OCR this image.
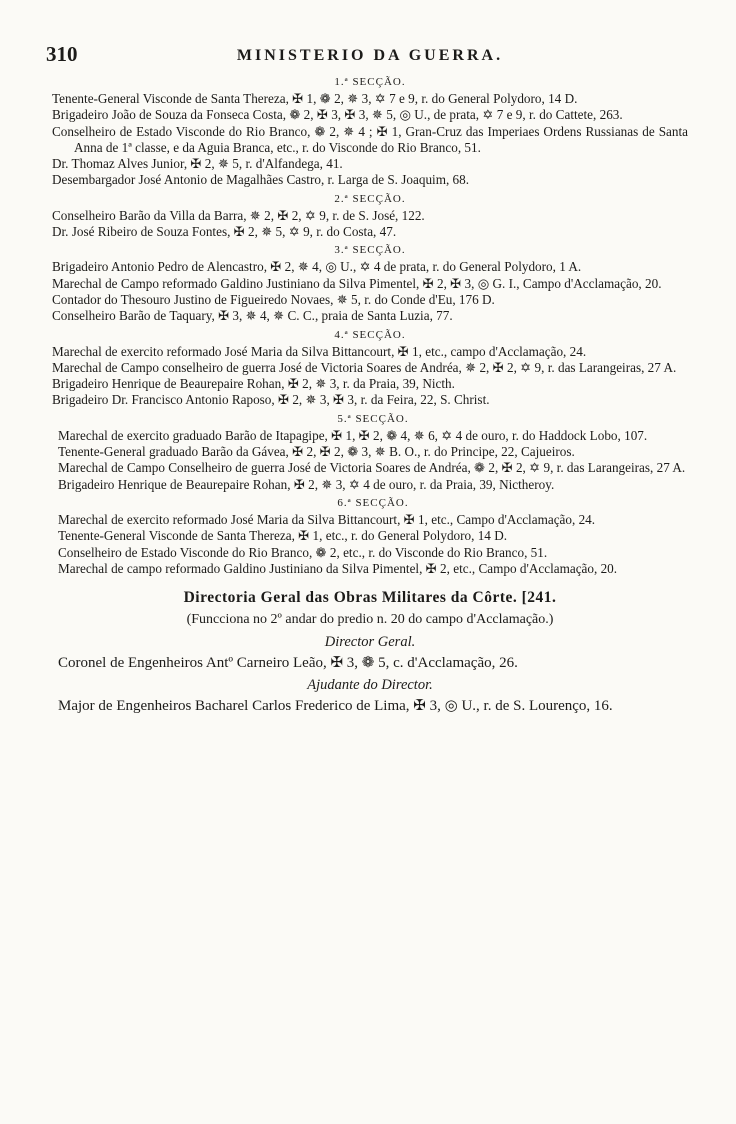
310	MINISTERIO DA GUERRA.
1.ª SECÇÃO.
Tenente-General Visconde de Santa Thereza, ✠ 1, ❁ 2, ✵ 3, ✡ 7 e 9, r. do General Polydoro, 14 D.
Brigadeiro João de Souza da Fonseca Costa, ❁ 2, ✠ 3, ✠ 3, ✵ 5, ◎ U., de prata, ✡ 7 e 9, r. do Cattete, 263.
Conselheiro de Estado Visconde do Rio Branco, ❁ 2, ✵ 4 ; ✠ 1, Gran-Cruz das Imperiaes Ordens Russianas de Santa Anna de 1ª classe, e da Aguia Branca, etc., r. do Visconde do Rio Branco, 51.
Dr. Thomaz Alves Junior, ✠ 2, ✵ 5, r. d'Alfandega, 41.
Desembargador José Antonio de Magalhães Castro, r. Larga de S. Joaquim, 68.
2.ª SECÇÃO.
Conselheiro Barão da Villa da Barra, ✵ 2, ✠ 2, ✡ 9, r. de S. José, 122.
Dr. José Ribeiro de Souza Fontes, ✠ 2, ✵ 5, ✡ 9, r. do Costa, 47.
3.ª SECÇÃO.
Brigadeiro Antonio Pedro de Alencastro, ✠ 2, ✵ 4, ◎ U., ✡ 4 de prata, r. do General Polydoro, 1 A.
Marechal de Campo reformado Galdino Justiniano da Silva Pimentel, ✠ 2, ✠ 3, ◎ G. I., Campo d'Acclamação, 20.
Contador do Thesouro Justino de Figueiredo Novaes, ✵ 5, r. do Conde d'Eu, 176 D.
Conselheiro Barão de Taquary, ✠ 3, ✵ 4, ✵ C. C., praia de Santa Luzia, 77.
4.ª SECÇÃO.
Marechal de exercito reformado José Maria da Silva Bittancourt, ✠ 1, etc., campo d'Acclamação, 24.
Marechal de Campo conselheiro de guerra José de Victoria Soares de Andréa, ✵ 2, ✠ 2, ✡ 9, r. das Larangeiras, 27 A.
Brigadeiro Henrique de Beaurepaire Rohan, ✠ 2, ✵ 3, r. da Praia, 39, Nicth.
Brigadeiro Dr. Francisco Antonio Raposo, ✠ 2, ✵ 3, ✠ 3, r. da Feira, 22, S. Christ.
5.ª SECÇÃO.
Marechal de exercito graduado Barão de Itapagipe, ✠ 1, ✠ 2, ❁ 4, ✵ 6, ✡ 4 de ouro, r. do Haddock Lobo, 107.
Tenente-General graduado Barão da Gávea, ✠ 2, ✠ 2, ❁ 3, ✵ B. O., r. do Principe, 22, Cajueiros.
Marechal de Campo Conselheiro de guerra José de Victoria Soares de Andréa, ❁ 2, ✠ 2, ✡ 9, r. das Larangeiras, 27 A.
Brigadeiro Henrique de Beaurepaire Rohan, ✠ 2, ✵ 3, ✡ 4 de ouro, r. da Praia, 39, Nictheroy.
6.ª SECÇÃO.
Marechal de exercito reformado José Maria da Silva Bittancourt, ✠ 1, etc., Campo d'Acclamação, 24.
Tenente-General Visconde de Santa Thereza, ✠ 1, etc., r. do General Polydoro, 14 D.
Conselheiro de Estado Visconde do Rio Branco, ❁ 2, etc., r. do Visconde do Rio Branco, 51.
Marechal de campo reformado Galdino Justiniano da Silva Pimentel, ✠ 2, etc., Campo d'Acclamação, 20.
Directoria Geral das Obras Militares da Côrte. [241.
(Funcciona no 2º andar do predio n. 20 do campo d'Acclamação.)
Director Geral.
Coronel de Engenheiros Antº Carneiro Leão, ✠ 3, ❁ 5, c. d'Acclamação, 26.
Ajudante do Director.
Major de Engenheiros Bacharel Carlos Frederico de Lima, ✠ 3, ◎ U., r. de S. Lourenço, 16.
